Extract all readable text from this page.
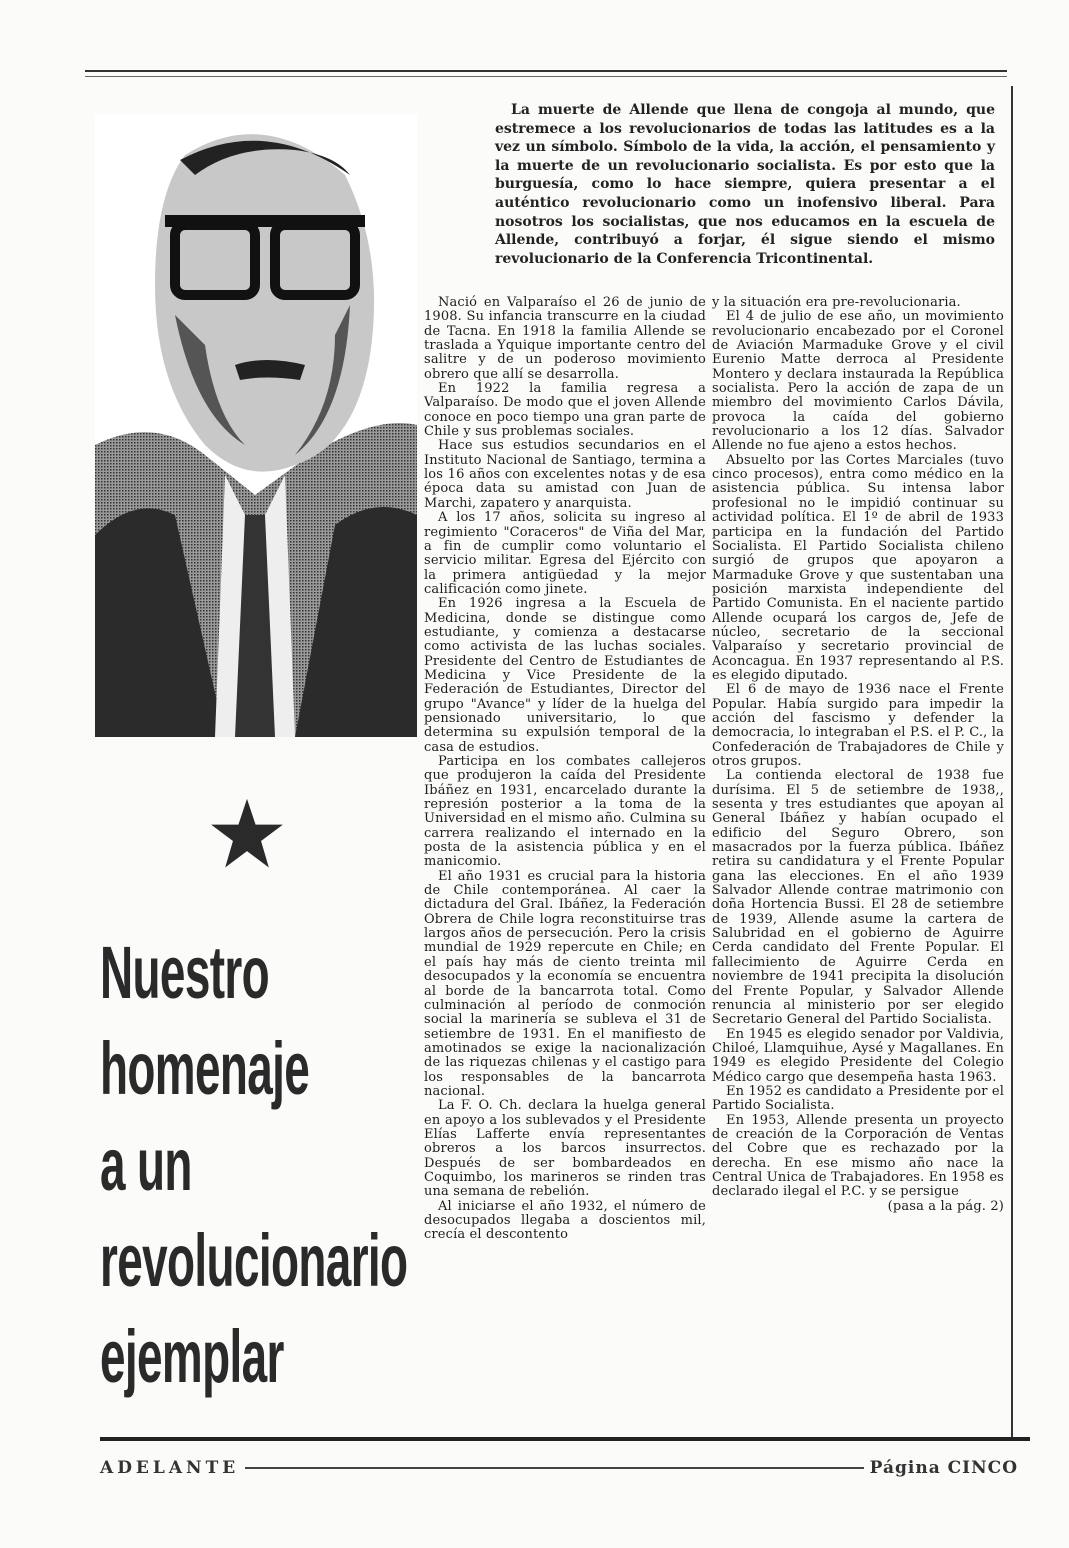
Nuestro
homenaje
a un
revolucionario
ejemplar
La muerte de Allende que llena de congoja al mundo, que estremece a los revolucionarios de todas las latitudes es a la vez un símbolo. Símbolo de la vida, la acción, el pensamiento y la muerte de un revolucionario socialista. Es por esto que la burguesía, como lo hace siempre, quiera presentar a el auténtico revolucionario como un inofensivo liberal. Para nosotros los socialistas, que nos educamos en la escuela de Allende, contribuyó a forjar, él sigue siendo el mismo revolucionario de la Conferencia Tricontinental.

Nació en Valparaíso el 26 de junio de 1908. Su infancia transcurre en la ciudad de Tacna. En 1918 la familia Allende se traslada a Yquique importante centro del salitre y de un poderoso movimiento obrero que allí se desarrolla.

En 1922 la familia regresa a Valparaíso. De modo que el joven Allende conoce en poco tiempo una gran parte de Chile y sus problemas sociales.

Hace sus estudios secundarios en el Instituto Nacional de Santiago, termina a los 16 años con excelentes notas y de esa época data su amistad con Juan de Marchi, zapatero y anarquista.

A los 17 años, solicita su ingreso al regimiento "Coraceros" de Viña del Mar, a fin de cumplir como voluntario el servicio militar. Egresa del Ejército con la primera antigüedad y la mejor calificación como jinete.

En 1926 ingresa a la Escuela de Medicina, donde se distingue como estudiante, y comienza a destacarse como activista de las luchas sociales. Presidente del Centro de Estudiantes de Medicina y Vice Presidente de la Federación de Estudiantes, Director del grupo "Avance" y líder de la huelga del pensionado universitario, lo que determina su expulsión temporal de la casa de estudios.

Participa en los combates callejeros que produjeron la caída del Presidente Ibáñez en 1931, encarcelado durante la represión posterior a la toma de la Universidad en el mismo año. Culmina su carrera realizando el internado en la posta de la asistencia pública y en el manicomio.

El año 1931 es crucial para la historia de Chile contemporánea. Al caer la dictadura del Gral. Ibáñez, la Federación Obrera de Chile logra reconstituirse tras largos años de persecución. Pero la crisis mundial de 1929 repercute en Chile; en el país hay más de ciento treinta mil desocupados y la economía se encuentra al borde de la bancarrota total. Como culminación al período de conmoción social la marinería se subleva el 31 de setiembre de 1931. En el manifiesto de amotinados se exige la nacionalización de las riquezas chilenas y el castigo para los responsables de la bancarrota nacional.

La F. O. Ch. declara la huelga general en apoyo a los sublevados y el Presidente Elías Lafferte envía representantes obreros a los barcos insurrectos. Después de ser bombardeados en Coquimbo, los marineros se rinden tras una semana de rebelión.

Al iniciarse el año 1932, el número de desocupados llegaba a doscientos mil, crecía el descontento

y la situación era pre-revolucionaria.

El 4 de julio de ese año, un movimiento revolucionario encabezado por el Coronel de Aviación Marmaduke Grove y el civil Eurenio Matte derroca al Presidente Montero y declara instaurada la República socialista. Pero la acción de zapa de un miembro del movimiento Carlos Dávila, provoca la caída del gobierno revolucionario a los 12 días. Salvador Allende no fue ajeno a estos hechos.

Absuelto por las Cortes Marciales (tuvo cinco procesos), entra como médico en la asistencia pública. Su intensa labor profesional no le impidió continuar su actividad política. El 1º de abril de 1933 participa en la fundación del Partido Socialista. El Partido Socialista chileno surgió de grupos que apoyaron a Marmaduke Grove y que sustentaban una posición marxista independiente del Partido Comunista. En el naciente partido Allende ocupará los cargos de, Jefe de núcleo, secretario de la seccional Valparaíso y secretario provincial de Aconcagua. En 1937 representando al P.S. es elegido diputado.

El 6 de mayo de 1936 nace el Frente Popular. Había surgido para impedir la acción del fascismo y defender la democracia, lo integraban el P.S. el P. C., la Confederación de Trabajadores de Chile y otros grupos.

La contienda electoral de 1938 fue durísima. El 5 de setiembre de 1938,, sesenta y tres estudiantes que apoyan al General Ibáñez y habían ocupado el edificio del Seguro Obrero, son masacrados por la fuerza pública. Ibáñez retira su candidatura y el Frente Popular gana las elecciones. En el año 1939 Salvador Allende contrae matrimonio con doña Hortencia Bussi. El 28 de setiembre de 1939, Allende asume la cartera de Salubridad en el gobierno de Aguirre Cerda candidato del Frente Popular. El fallecimiento de Aguirre Cerda en noviembre de 1941 precipita la disolución del Frente Popular, y Salvador Allende renuncia al ministerio por ser elegido Secretario General del Partido Socialista.

En 1945 es elegido senador por Valdivia, Chiloé, Llamquihue, Aysé y Magallanes. En 1949 es elegido Presidente del Colegio Médico cargo que desempeña hasta 1963.

En 1952 es candidato a Presidente por el Partido Socialista.

En 1953, Allende presenta un proyecto de creación de la Corporación de Ventas del Cobre que es rechazado por la derecha. En ese mismo año nace la Central Unica de Trabajadores. En 1958 es declarado ilegal el P.C. y se persigue

(pasa a la pág. 2)

ADELANTE	Página CINCO
